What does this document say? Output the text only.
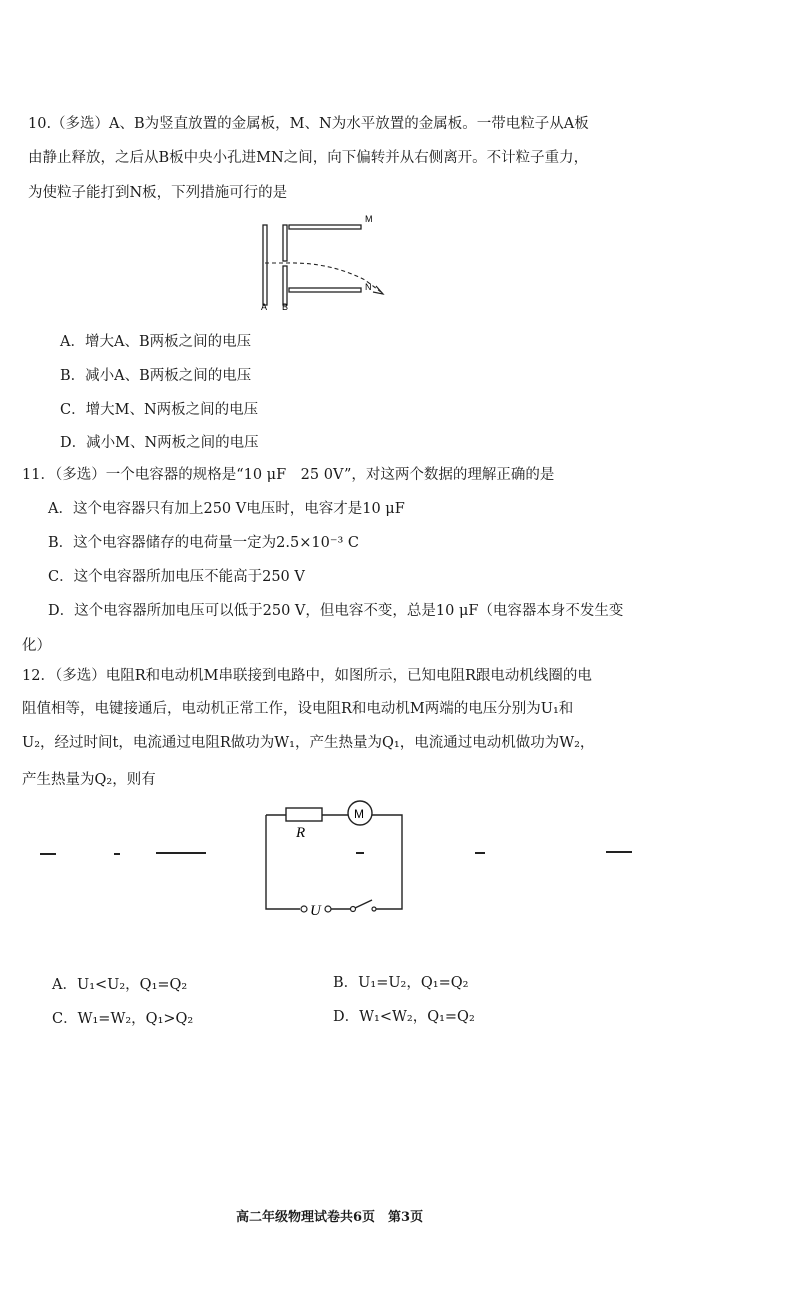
10.（多选）A、B为竖直放置的金属板，M、N为水平放置的金属板。一带电粒子从A板
由静止释放，之后从B板中央小孔进MN之间，向下偏转并从右侧离开。不计粒子重力，
为使粒子能打到N板，下列措施可行的是
M
N
A B
A．增大A、B两板之间的电压
B．减小A、B两板之间的电压
C．增大M、N两板之间的电压
D．减小M、N两板之间的电压
11．（多选）一个电容器的规格是“10 μF　25 0V”，对这两个数据的理解正确的是
A．这个电容器只有加上250 V电压时，电容才是10 μF
B．这个电容器储存的电荷量一定为2.5×10⁻³ C
C．这个电容器所加电压不能高于250 V
D．这个电容器所加电压可以低于250 V，但电容不变，总是10 μF（电容器本身不发生变
化）
12．（多选）电阻R和电动机M串联接到电路中，如图所示，已知电阻R跟电动机线圈的电
阻值相等，电键接通后，电动机正常工作，设电阻R和电动机M两端的电压分别为U₁和
U₂，经过时间t，电流通过电阻R做功为W₁，产生热量为Q₁，电流通过电动机做功为W₂，
产生热量为Q₂，则有
R
M
U
A．U₁<U₂，Q₁=Q₂	B．U₁=U₂，Q₁=Q₂
C．W₁=W₂，Q₁>Q₂	D．W₁<W₂，Q₁=Q₂
高二年级物理试卷共6页　第3页
